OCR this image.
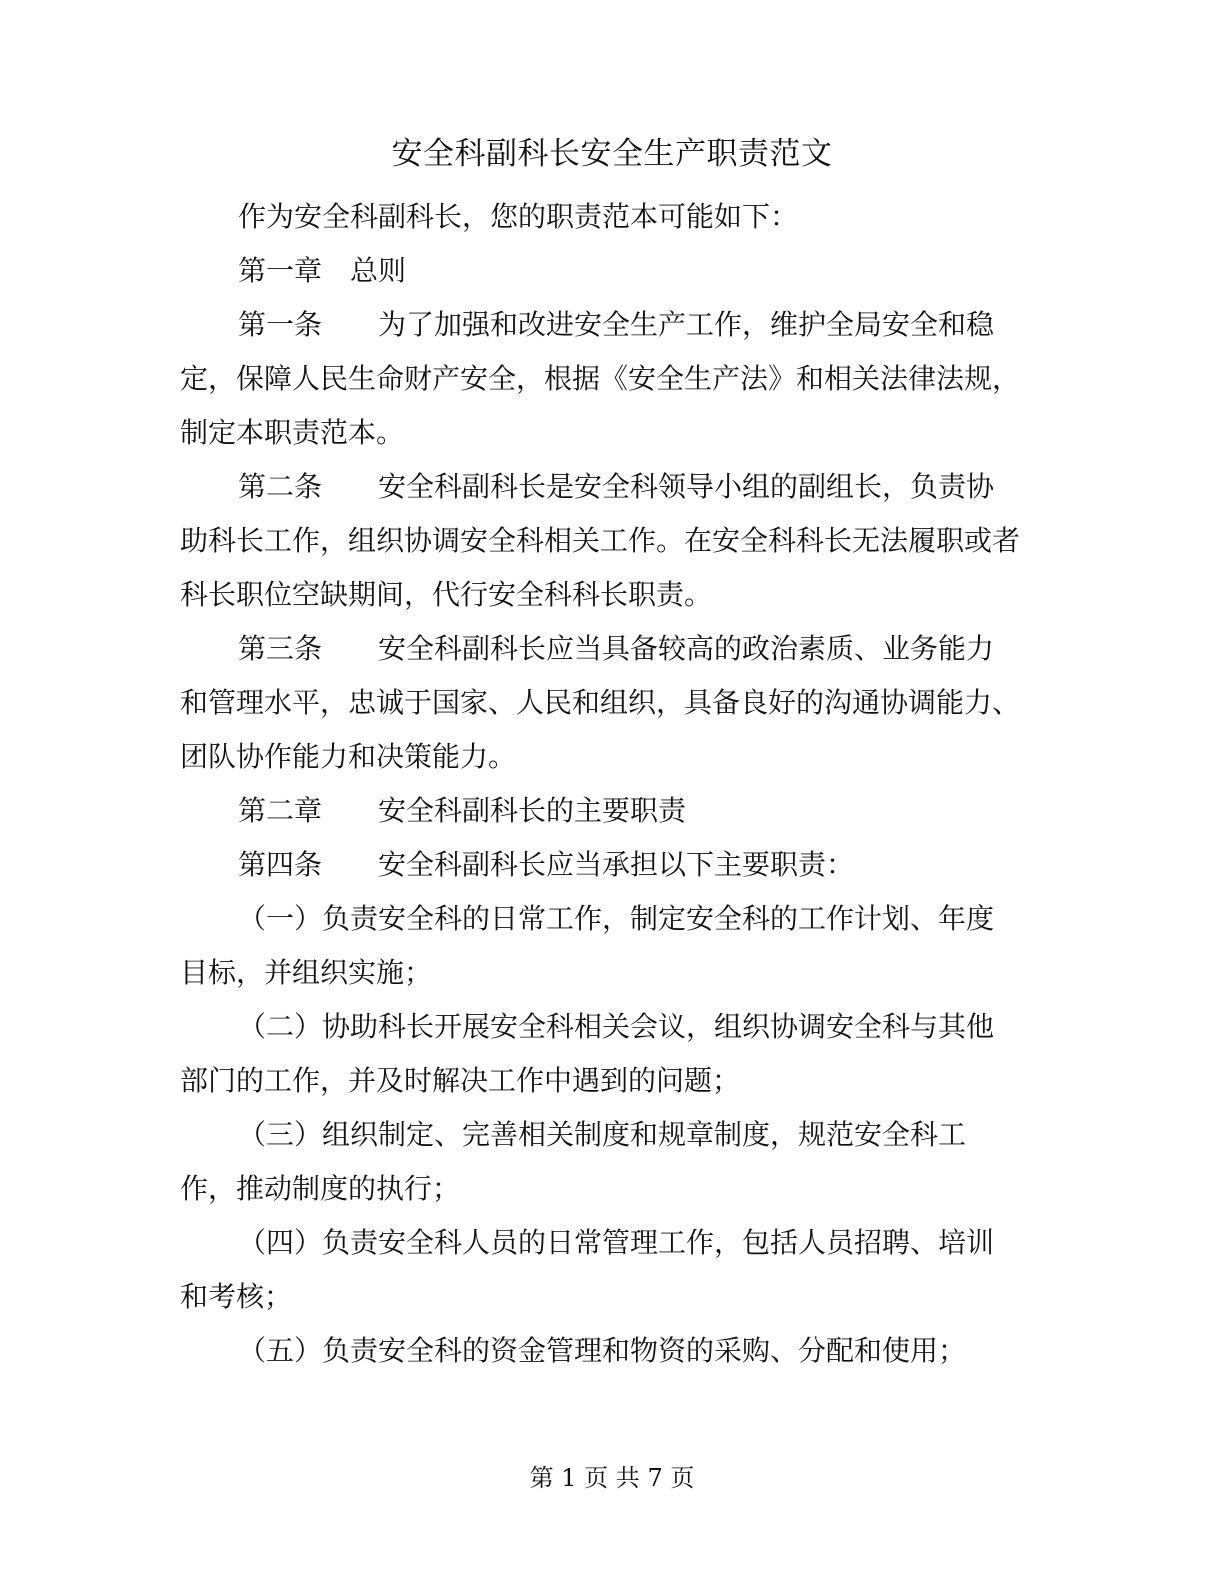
安全科副科长安全生产职责范文

作为安全科副科长，您的职责范本可能如下：

第一章　总则

第一条　　为了加强和改进安全生产工作，维护全局安全和稳定，保障人民生命财产安全，根据《安全生产法》和相关法律法规，制定本职责范本。

第二条　　安全科副科长是安全科领导小组的副组长，负责协助科长工作，组织协调安全科相关工作。在安全科科长无法履职或者科长职位空缺期间，代行安全科科长职责。

第三条　　安全科副科长应当具备较高的政治素质、业务能力和管理水平，忠诚于国家、人民和组织，具备良好的沟通协调能力、团队协作能力和决策能力。

第二章　　安全科副科长的主要职责

第四条　　安全科副科长应当承担以下主要职责：

（一）负责安全科的日常工作，制定安全科的工作计划、年度目标，并组织实施；

（二）协助科长开展安全科相关会议，组织协调安全科与其他部门的工作，并及时解决工作中遇到的问题；

（三）组织制定、完善相关制度和规章制度，规范安全科工作，推动制度的执行；

（四）负责安全科人员的日常管理工作，包括人员招聘、培训和考核；

（五）负责安全科的资金管理和物资的采购、分配和使用；

第 1 页 共 7 页
